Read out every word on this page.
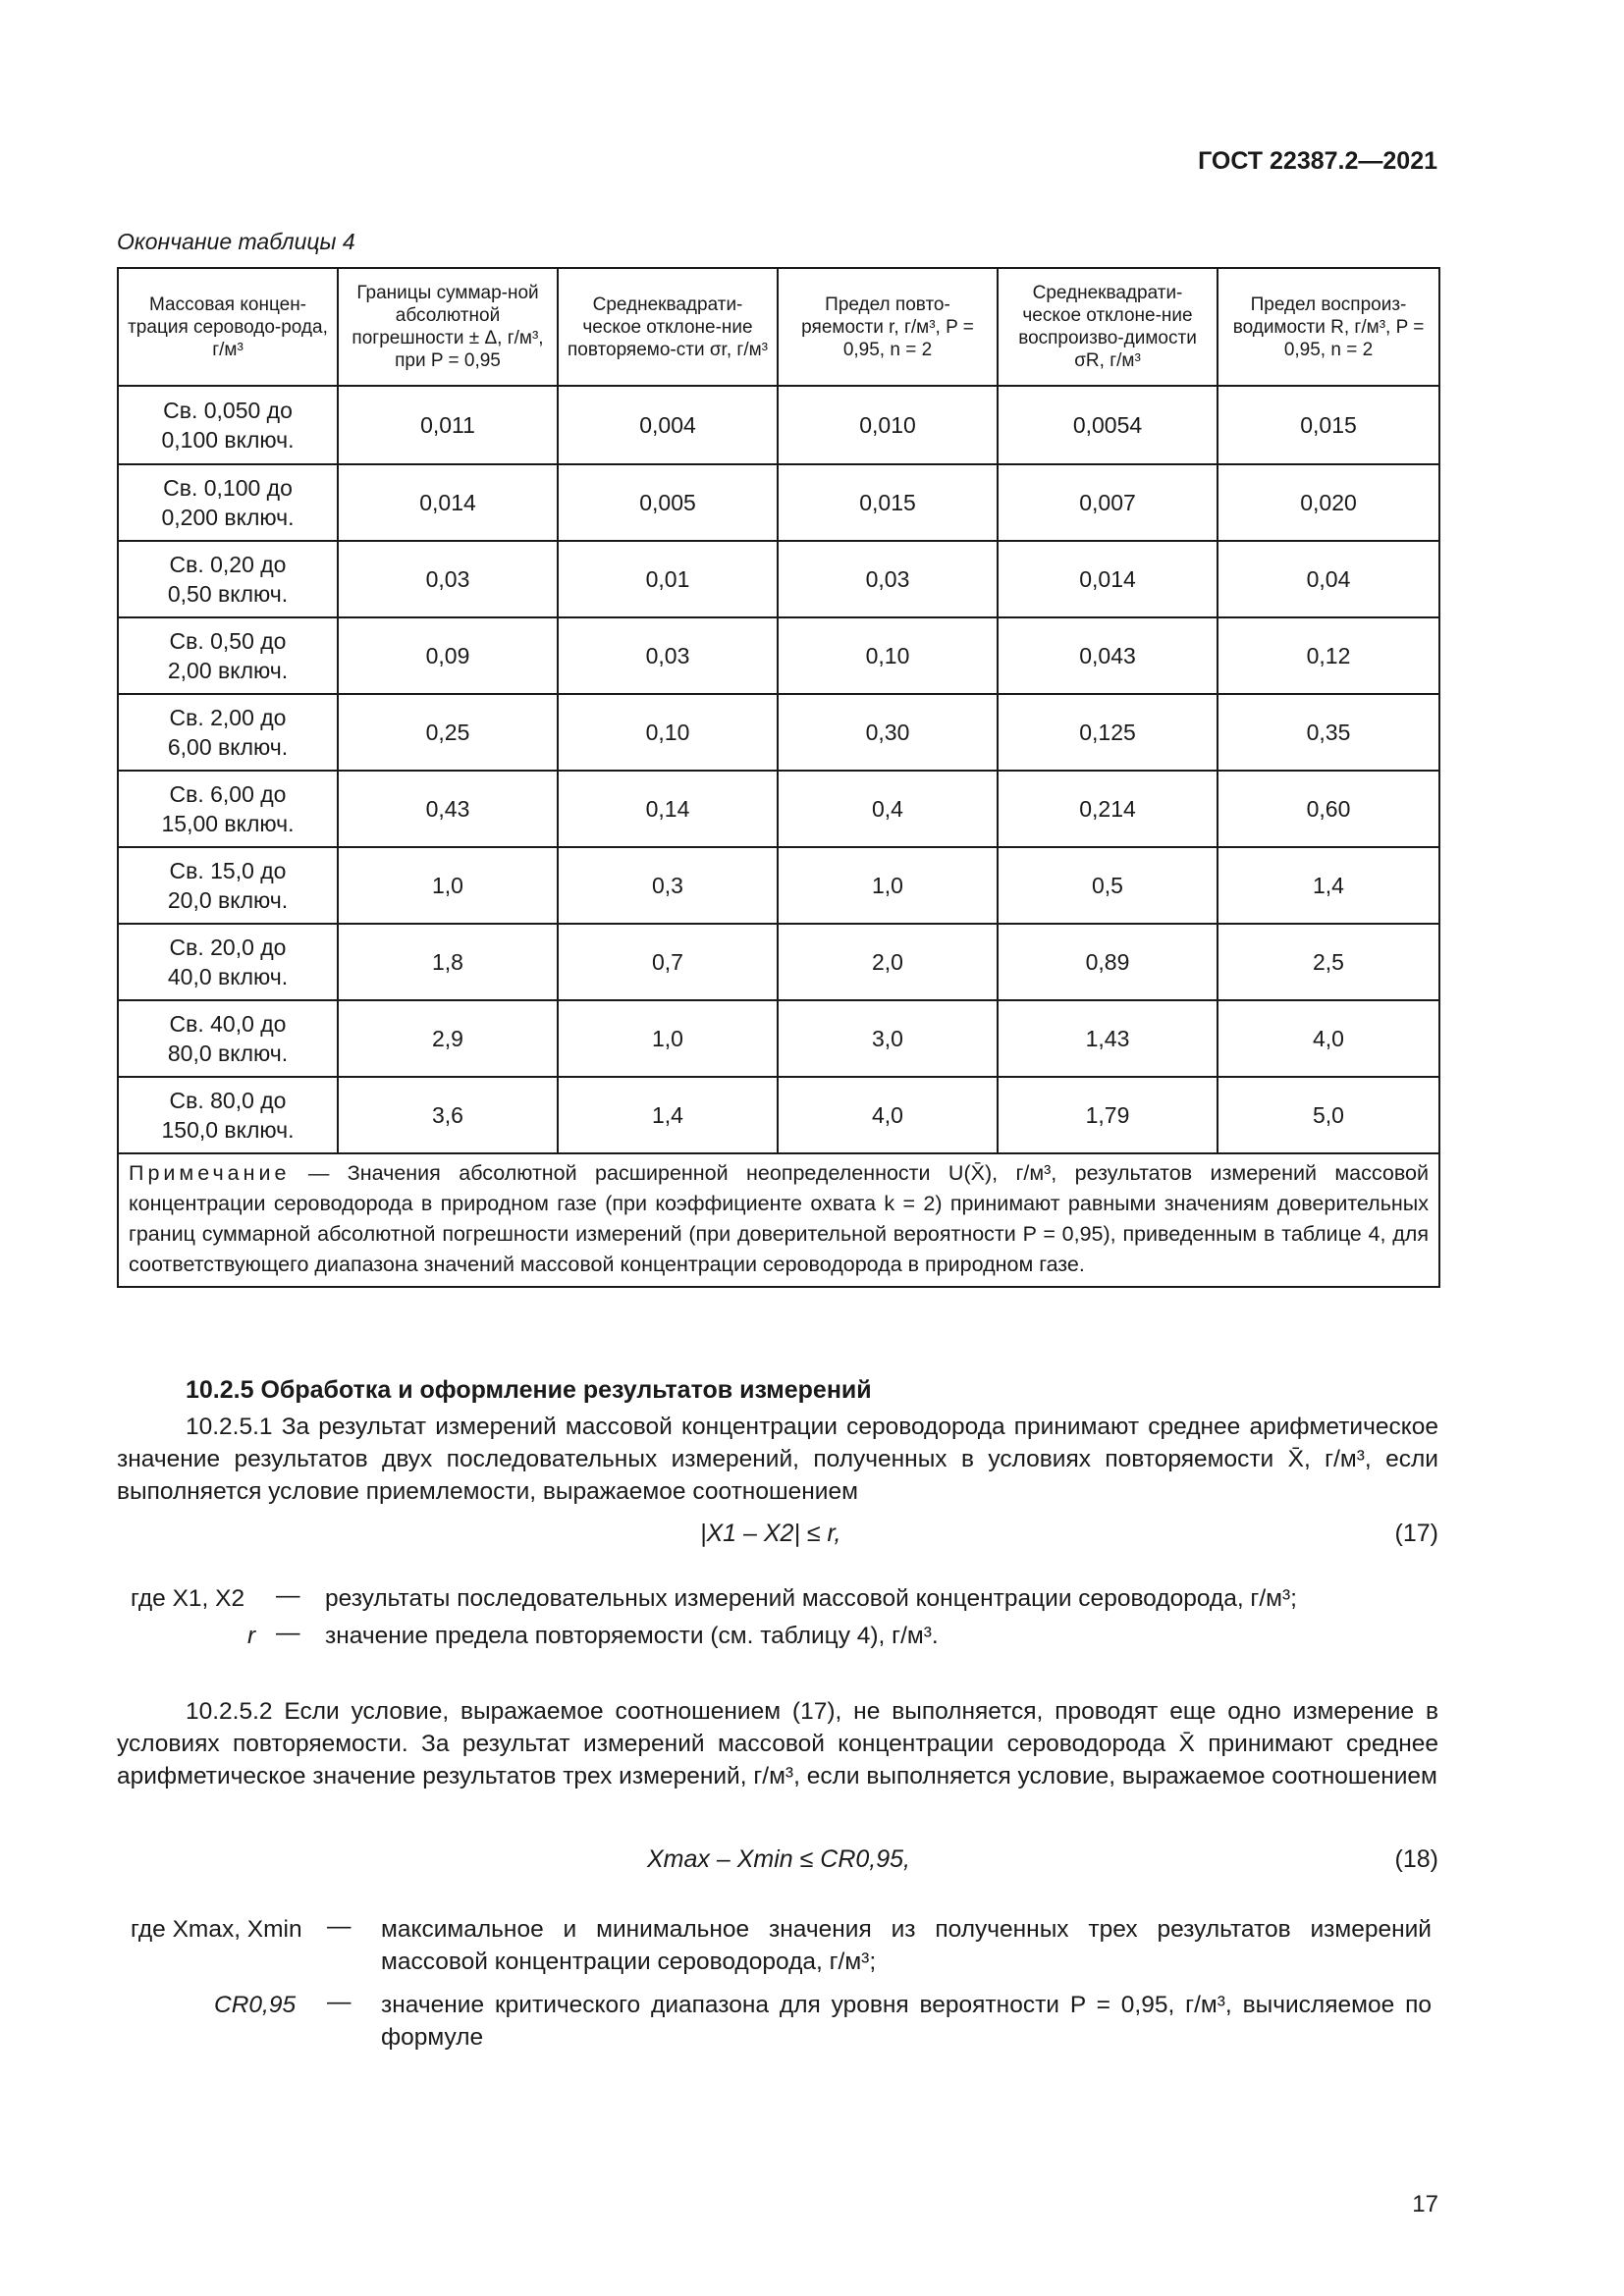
ГОСТ 22387.2—2021
Окончание таблицы 4
Массовая концен-трация сероводо-рода, г/м³	Границы суммар-ной абсолютной погрешности ± Δ, г/м³, при P = 0,95	Среднеквадрати-ческое отклоне-ние повторяемо-сти σr, г/м³	Предел повто-ряемости r, г/м³, P = 0,95, n = 2	Среднеквадрати-ческое отклоне-ние воспроизво-димости σR, г/м³	Предел воспроиз-водимости R, г/м³, P = 0,95, n = 2

Св. 0,050 до
0,100 включ.	0,011	0,004	0,010	0,0054	0,015

Св. 0,100 до
0,200 включ.	0,014	0,005	0,015	0,007	0,020

Св. 0,20 до
0,50 включ.	0,03	0,01	0,03	0,014	0,04

Св. 0,50 до
2,00 включ.	0,09	0,03	0,10	0,043	0,12

Св. 2,00 до
6,00 включ.	0,25	0,10	0,30	0,125	0,35

Св. 6,00 до
15,00 включ.	0,43	0,14	0,4	0,214	0,60

Св. 15,0 до
20,0 включ.	1,0	0,3	1,0	0,5	1,4

Св. 20,0 до
40,0 включ.	1,8	0,7	2,0	0,89	2,5

Св. 40,0 до
80,0 включ.	2,9	1,0	3,0	1,43	4,0

Св. 80,0 до
150,0 включ.	3,6	1,4	4,0	1,79	5,0
Примечание — Значения абсолютной расширенной неопределенности U(X̄), г/м³, результатов измерений массовой концентрации сероводорода в природном газе (при коэффициенте охвата k = 2) принимают равными значениям доверительных границ суммарной абсолютной погрешности измерений (при доверительной вероятности P = 0,95), приведенным в таблице 4, для соответствующего диапазона значений массовой концентрации сероводорода в природном газе.					
10.2.5 Обработка и оформление результатов измерений
10.2.5.1 За результат измерений массовой концентрации сероводорода принимают среднее арифметическое значение результатов двух последовательных измерений, полученных в условиях повторяемости X̄, г/м³, если выполняется условие приемлемости, выражаемое соотношением
|X1 – X2| ≤ r,	(17)
где X1, X2 — результаты последовательных измерений массовой концентрации сероводорода, г/м³;
r — значение предела повторяемости (см. таблицу 4), г/м³.
10.2.5.2 Если условие, выражаемое соотношением (17), не выполняется, проводят еще одно измерение в условиях повторяемости. За результат измерений массовой концентрации сероводорода X̄ принимают среднее арифметическое значение результатов трех измерений, г/м³, если выполняется условие, выражаемое соотношением
Xmax – Xmin ≤ CR0,95,	(18)
где Xmax, Xmin — максимальное и минимальное значения из полученных трех результатов измерений массовой концентрации сероводорода, г/м³;
CR0,95 — значение критического диапазона для уровня вероятности P = 0,95, г/м³, вычисляемое по формуле
17
